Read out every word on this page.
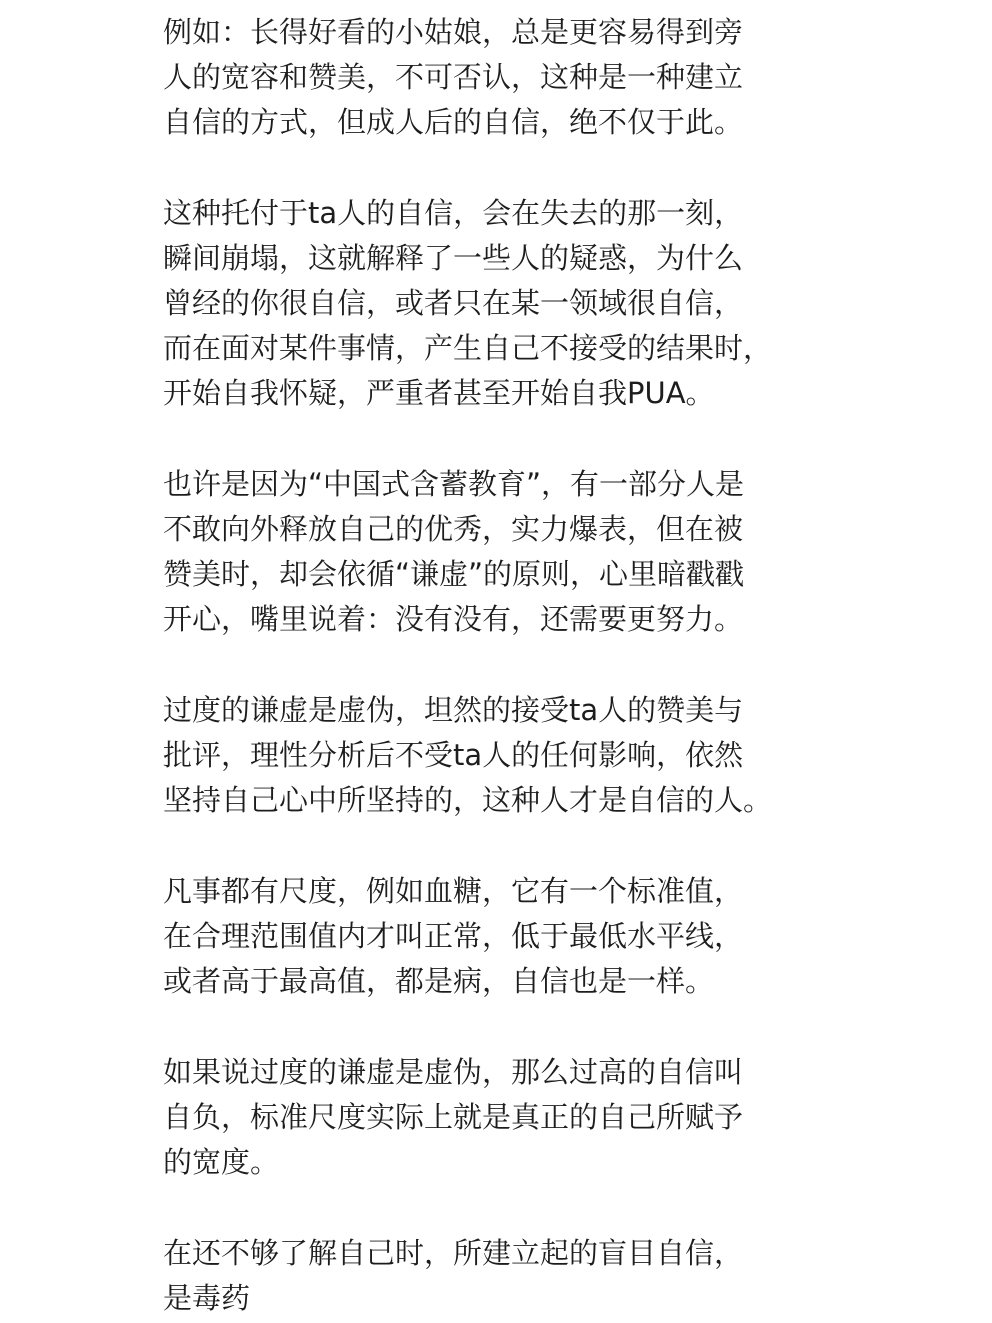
例如：长得好看的小姑娘，总是更容易得到旁
人的宽容和赞美，不可否认，这种是一种建立
自信的方式，但成人后的自信，绝不仅于此。
这种托付于ta人的自信，会在失去的那一刻，
瞬间崩塌，这就解释了一些人的疑惑，为什么
曾经的你很自信，或者只在某一领域很自信，
而在面对某件事情，产生自己不接受的结果时，
开始自我怀疑，严重者甚至开始自我PUA。
也许是因为“中国式含蓄教育”，有一部分人是
不敢向外释放自己的优秀，实力爆表，但在被
赞美时，却会依循“谦虚”的原则，心里暗戳戳
开心，嘴里说着：没有没有，还需要更努力。
过度的谦虚是虚伪，坦然的接受ta人的赞美与
批评，理性分析后不受ta人的任何影响，依然
坚持自己心中所坚持的，这种人才是自信的人。
凡事都有尺度，例如血糖，它有一个标准值，
在合理范围值内才叫正常，低于最低水平线，
或者高于最高值，都是病，自信也是一样。
如果说过度的谦虚是虚伪，那么过高的自信叫
自负，标准尺度实际上就是真正的自己所赋予
的宽度。
在还不够了解自己时，所建立起的盲目自信，
是毒药
